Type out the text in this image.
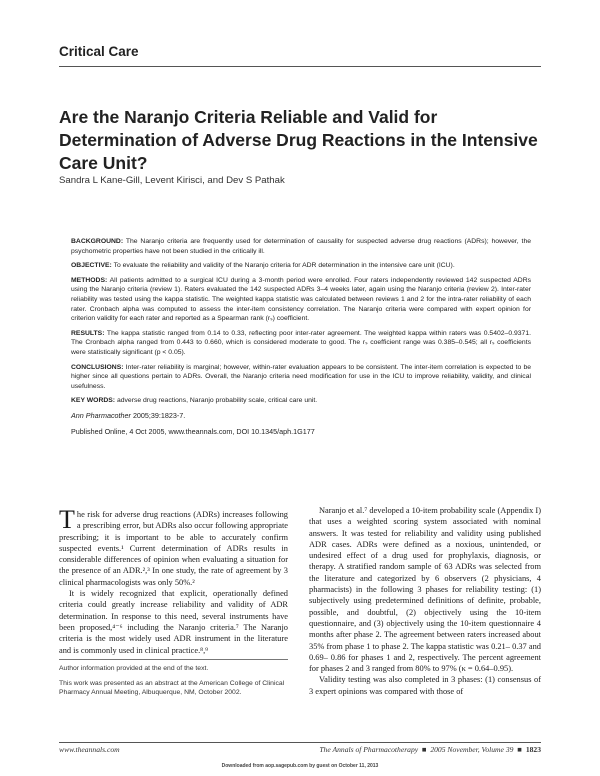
Critical Care
Are the Naranjo Criteria Reliable and Valid for Determination of Adverse Drug Reactions in the Intensive Care Unit?
Sandra L Kane-Gill, Levent Kirisci, and Dev S Pathak

BACKGROUND: The Naranjo criteria are frequently used for determination of causality for suspected adverse drug reactions (ADRs); however, the psychometric properties have not been studied in the critically ill.

OBJECTIVE: To evaluate the reliability and validity of the Naranjo criteria for ADR determination in the intensive care unit (ICU).

METHODS: All patients admitted to a surgical ICU during a 3-month period were enrolled. Four raters independently reviewed 142 suspected ADRs using the Naranjo criteria (review 1). Raters evaluated the 142 suspected ADRs 3–4 weeks later, again using the Naranjo criteria (review 2). Inter-rater reliability was tested using the kappa statistic. The weighted kappa statistic was calculated between reviews 1 and 2 for the intra-rater reliability of each rater. Cronbach alpha was computed to assess the inter-item consistency correlation. The Naranjo criteria were compared with expert opinion for criterion validity for each rater and reported as a Spearman rank (rₛ) coefficient.

RESULTS: The kappa statistic ranged from 0.14 to 0.33, reflecting poor inter-rater agreement. The weighted kappa within raters was 0.5402–0.9371. The Cronbach alpha ranged from 0.443 to 0.660, which is considered moderate to good. The rₛ coefficient range was 0.385–0.545; all rₛ coefficients were statistically significant (p < 0.05).

CONCLUSIONS: Inter-rater reliability is marginal; however, within-rater evaluation appears to be consistent. The inter-item correlation is expected to be higher since all questions pertain to ADRs. Overall, the Naranjo criteria need modification for use in the ICU to improve reliability, validity, and clinical usefulness.

KEY WORDS: adverse drug reactions, Naranjo probability scale, critical care unit.

Ann Pharmacother 2005;39:1823-7.

Published Online, 4 Oct 2005, www.theannals.com, DOI 10.1345/aph.1G177

The risk for adverse drug reactions (ADRs) increases following a prescribing error, but ADRs also occur following appropriate prescribing; it is important to be able to accurately confirm suspected events.¹ Current determination of ADRs results in considerable differences of opinion when evaluating a situation for the presence of an ADR.²,³ In one study, the rate of agreement by 3 clinical pharmacologists was only 50%.²

It is widely recognized that explicit, operationally defined criteria could greatly increase reliability and validity of ADR determination. In response to this need, several instruments have been proposed,⁴⁻⁶ including the Naranjo criteria.⁷ The Naranjo criteria is the most widely used ADR instrument in the literature and is commonly used in clinical practice.⁸,⁹

Author information provided at the end of the text.

This work was presented as an abstract at the American College of Clinical Pharmacy Annual Meeting, Albuquerque, NM, October 2002.

Naranjo et al.⁷ developed a 10-item probability scale (Appendix I) that uses a weighted scoring system associated with nominal answers. It was tested for reliability and validity using published ADR cases. ADRs were defined as a noxious, unintended, or undesired effect of a drug used for prophylaxis, diagnosis, or therapy. A stratified random sample of 63 ADRs was selected from the literature and categorized by 6 observers (2 physicians, 4 pharmacists) in the following 3 phases for reliability testing: (1) subjectively using predetermined definitions of definite, probable, possible, and doubtful, (2) objectively using the 10-item questionnaire, and (3) objectively using the 10-item questionnaire 4 months after phase 2. The agreement between raters increased about 35% from phase 1 to phase 2. The kappa statistic was 0.21– 0.37 and 0.69– 0.86 for phases 1 and 2, respectively. The percent agreement for phases 2 and 3 ranged from 80% to 97% (κ = 0.64–0.95).

Validity testing was also completed in 3 phases: (1) consensus of 3 expert opinions was compared with those of

www.theannals.com	The Annals of Pharmacotherapy ■ 2005 November, Volume 39 ■ 1823
Downloaded from aop.sagepub.com by guest on October 11, 2013
